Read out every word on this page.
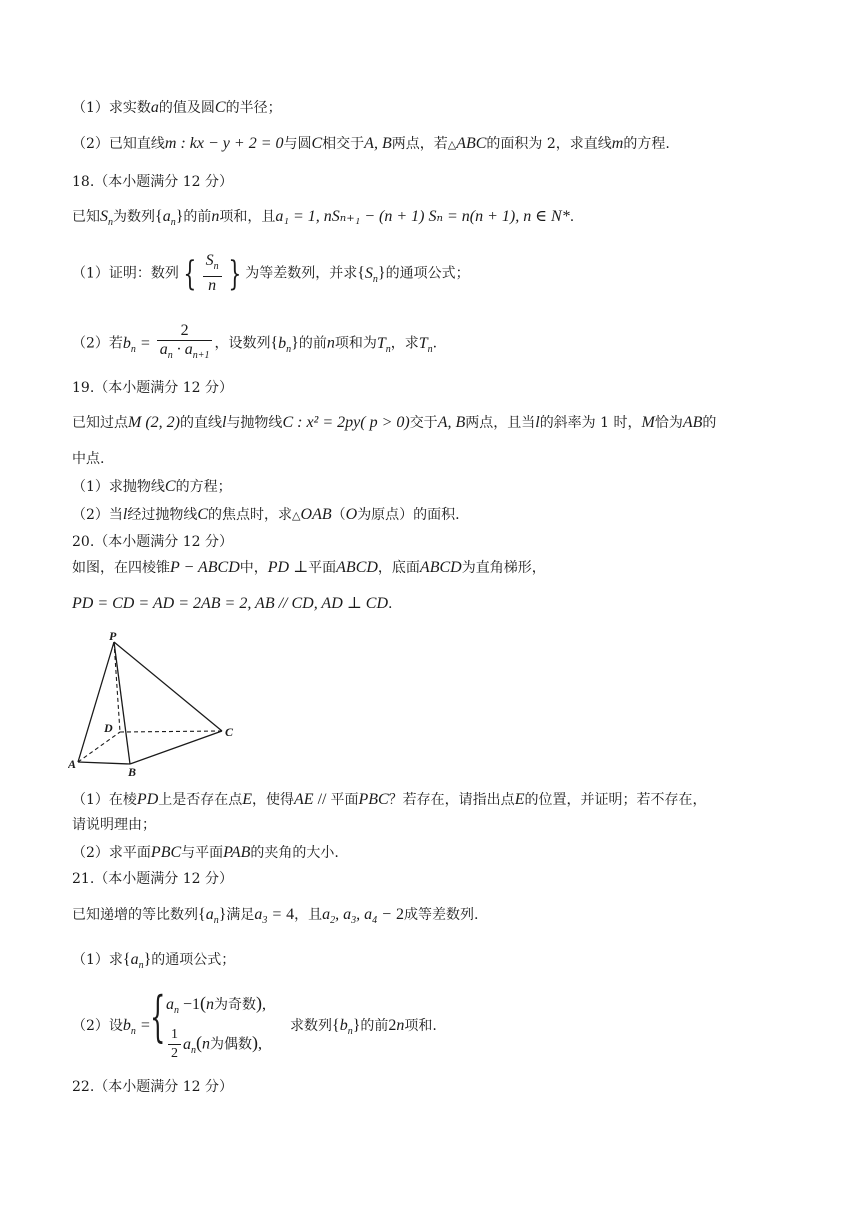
（1）求实数a的值及圆C的半径；
（2）已知直线m : kx − y + 2 = 0与圆C相交于A, B两点，若△ABC的面积为 2，求直线m的方程.
18.（本小题满分 12 分）
已知$S_n$为数列$\{a_n\}$的前n项和，且a₁ = 1, nSₙ₊₁ − (n + 1) Sₙ = n(n + 1), n ∈ N*.
（1）证明：数列 { $\frac{S_n}{n}$ } 为等差数列，并求$\{S_n\}$的通项公式；
（2）若$b_n = \frac{2}{a_n \cdot a_{n+1}}$ ，设数列$\{b_n\}$的前n项和为$T_n$，求$T_n$.
19.（本小题满分 12 分）
已知过点M (2, 2)的直线l与抛物线C : x² = 2py( p > 0)交于A, B两点，且当l的斜率为 1 时，M恰为AB的
中点.
（1）求抛物线C的方程；
（2）当l经过抛物线C的焦点时，求△OAB（O为原点）的面积.
20.（本小题满分 12 分）
如图，在四棱锥P − ABCD中，PD ⊥平面ABCD，底面ABCD为直角梯形，
PD = CD = AD = 2AB = 2, AB // CD, AD ⊥ CD.
P
D	C
A
B
（1）在棱PD上是否存在点E，使得AE // 平面PBC？若存在，请指出点E的位置，并证明；若不存在，
请说明理由；
（2）求平面PBC与平面PAB的夹角的大小.
21.（本小题满分 12 分）
已知递增的等比数列$\{a_n\}$满足$a_3 = 4$，且$a_2$, $a_3$, $a_4 - 2$成等差数列.
（1）求$\{a_n\}$的通项公式；
（2）设$b_n$ = { $a_n -1(n$为奇数),
$\frac{1}{2} a_n(n$为偶数),
求数列$\{b_n\}$的前2n项和.
22.（本小题满分 12 分）
